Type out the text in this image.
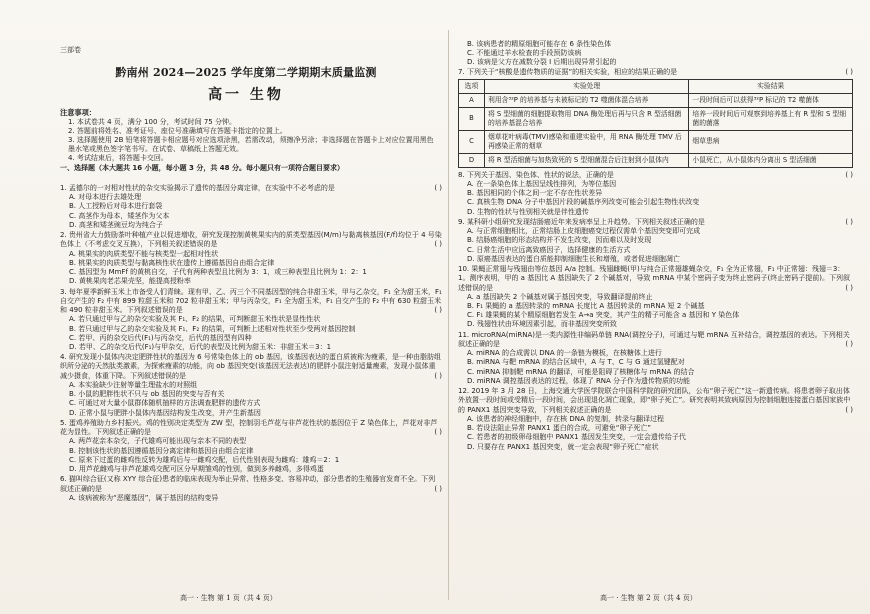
三部卷
黔南州 2024—2025 学年度第二学期期末质量监测
高一 生物
注意事项：
1. 本试卷共 4 页，满分 100 分，考试时间 75 分钟。
2. 答题前将姓名、准考证号、座位号准确填写在答题卡指定的位置上。
3. 选择题使用 2B 铅笔将答题卡相应题号对应选项涂黑，若需改动，须擦净另涂；非选择题在答题卡上对应位置用黑色墨水笔或黑色签字笔书写。在试卷、草稿纸上答题无效。
4. 考试结束后，将答题卡交回。
一、选择题（本大题共 16 小题，每小题 3 分，共 48 分。每小题只有一项符合题目要求）
1. 孟德尔的一对相对性状的杂交实验揭示了遗传的基因分离定律，在实验中不必考虑的是	( )
A. 对母本进行去雄处理
B. 人工授粉后对母本进行套袋
C. 高茎作为母本，矮茎作为父本
D. 高茎和矮茎豌豆均为纯合子
2. 贵州省大力鼓励茶叶种植产业以促进增收，研究发现控制黄桃果实内的质类型基因(M/m)与黏离核基因(F/f)均位于 4 号染色体上（不考虑交叉互换），下列相关叙述错误的是	( )
A. 桃果实的肉质类型不能与核类型一起相对性状
B. 桃果实的肉质类型与黏离核性状在遗传上遵循基因自由组合定律
C. 基因型为 MmFf 的黄桃自交，子代有两种表型且比例为 3：1，或三种表型且比例为 1：2：1
D. 黄桃果肉老芯果壳坚，能提高授粉率
3. 每年夏季新鲜玉米上市备受人们青睐。现有甲、乙、丙三个不同基因型的纯合非甜玉米，甲与乙杂交，F₁ 全为甜玉米，F₁ 自交产生的 F₂ 中有 899 粒甜玉米和 702 粒非甜玉米；甲与丙杂交，F₁ 全为甜玉米，F₁ 自交产生的 F₂ 中有 630 粒甜玉米和 490 粒非甜玉米。下列叙述错误的是	( )
A. 若只通过甲与乙的杂交实验及其 F₁、F₂ 的结果，可判断甜玉米性状是显性性状
B. 若只通过甲与乙的杂交实验及其 F₁、F₂ 的结果，可判断上述相对性状至少受两对基因控制
C. 若甲、丙的杂交后代(F₁)与丙杂交，后代的基因型有四种
D. 若甲、乙的杂交后代(F₁)与甲杂交，后代的表型及比例为甜玉米：非甜玉米＝3：1
4. 研究发现小鼠体内决定肥胖性状的基因为 6 号常染色体上的 ob 基因，该基因表达的蛋白质被称为瘦素，是一种由脂肪组织所分泌的天然肽类激素，为探索瘦素的功能，向 ob 基因突变(该基因无法表达)的肥胖小鼠注射适量瘦素，发现小鼠体重减少摄食，体重下降。下列叙述错误的是	( )
A. 本实验缺少注射等量生理盐水的对照组
B. 小鼠的肥胖性状不只与 ob 基因的突变与否有关
C. 可通过对大量小鼠群体随机抽样的方法调查肥胖的遗传方式
D. 正常小鼠与肥胖小鼠体内基因结构发生改变，并产生新基因
5. 蛋鸡养殖助力乡村振兴。鸡的性别决定类型为 ZW 型，控制羽毛芦花与非芦花性状的基因位于 Z 染色体上，芦花对非芦花为显性。下列叙述正确的是	( )
A. 两芦花亲本杂交，子代雄鸡可能出现与亲本不同的表型
B. 控制该性状的基因遵循基因分离定律和基因自由组合定律
C. 原来下过蛋的雌鸡性反转为雄鸡后与一雌鸡交配，后代性别表现为雌鸡：雄鸡＝2：1
D. 用芦花雌鸡与非芦花雄鸡交配可区分早期雏鸡的性别，做到多养雌鸡，多得鸡蛋
6. 猫叫综合征(又称 XYY 综合征)患者的临床表现为举止异常、性格多变、容易冲动，部分患者的生殖器官发育不全。下列叙述正确的是	( )
A. 该病被称为“恶魔基因”，属于基因的结构变异
B. 该病患者的精原细胞可能存在 6 条性染色体
C. 不能通过羊水检查的手段预防该病
D. 该病是父方在减数分裂 I 后期出现异常引起的
7. 下列关于“核酸是遗传物质的证据”的相关实验，相应的结果正确的是	( )
选项	实验处理	实验结果
A	利用含³²P 的培养基与未被标记的 T2 噬菌体混合培养	一段时间后可以获得³²P 标记的 T2 噬菌体
B	将 S 型细菌的细胞提取物用 DNA 酶处理后再与只含 R 型活细菌的培养基混合培养	培养一段时间后可观察到培养基上有 R 型和 S 型细菌的菌落
C	烟草花叶病毒(TMV)感染和重建实验中，用 RNA 酶处理 TMV 后再感染正常的烟草	烟草患病
D	将 R 型活细菌与加热致死的 S 型细菌混合后注射到小鼠体内	小鼠死亡，从小鼠体内分离出 S 型活细菌
8. 下列关于基因、染色体、性状的说法，正确的是	( )
A. 在一条染色体上基因呈线性排列，为等位基因
B. 基因相同的个体之间一定不存在性状差异
C. 真核生物 DNA 分子中基因片段的碱基序列改变可能会引起生物性状改变
D. 生物的性状与性别相关就是伴性遗传
9. 某科研小组研究发现结肠癌近年来发病率呈上升趋势。下列相关叙述正确的是	( )
A. 与正常细胞相比，正常结肠上皮细胞癌变过程仅需单个基因突变即可完成
B. 结肠癌细胞的形态结构并不发生改变，因而难以及时发现
C. 日常生活中应远离致癌因子，选择健康的生活方式
D. 原癌基因表达的蛋白质能抑制细胞生长和增殖，或者促进细胞凋亡
10. 果蝇正常翅与残翅由等位基因 A/a 控制。残翅雌蝇(甲)与纯合正常翅雄蝇杂交，F₁ 全为正常翅，F₁ 中正常翅：残翅＝3：1。测序表明，甲的 a 基因比 A 基因缺失了 2 个碱基对，导致 mRNA 中某个密码子变为终止密码子(终止密码子提前)。下列叙述错误的是	( )
A. a 基因缺失 2 个碱基对属于基因突变，导致翻译提前终止
B. F₁ 果蝇的 a 基因转录的 mRNA 长度比 A 基因转录的 mRNA 短 2 个碱基
C. F₁ 雄果蝇的某个精原细胞若发生 A→a 突变，其产生的精子可能含 a 基因和 Y 染色体
D. 残翅性状由环境因素引起，而非基因突变所致
11. microRNA(miRNA)是一类内源性非编码单链 RNA(调控分子)，可通过与靶 mRNA 互补结合，调控基因的表达。下列相关叙述正确的是	( )
A. miRNA 的合成需以 DNA 的一条链为模板，在核糖体上进行
B. miRNA 与靶 mRNA 的结合区域中，A 与 T、C 与 G 通过氢键配对
C. miRNA 抑制靶 mRNA 的翻译，可能是阻碍了核糖体与 mRNA 的结合
D. miRNA 调控基因表达的过程，体现了 RNA 分子作为遗传物质的功能
12. 2019 年 3 月 28 日，上海交通大学医学院联合中国科学院的研究团队，公布“卵子死亡”这一新遗传病。将患者卵子取出体外放置一段时间或受精后一段时间，会出现退化凋亡现象，即“卵子死亡”。研究表明其致病原因为控制细胞连接蛋白基因家族中的 PANX1 基因突变导致，下列相关叙述正确的是	( )
A. 该患者的神经细胞中，存在核 DNA 的复制，转录与翻译过程
B. 若设法阻止异常 PANX1 蛋白的合成，可避免“卵子死亡”
C. 若患者的初级卵母细胞中 PANX1 基因发生突变，一定会遗传给子代
D. 只要存在 PANX1 基因突变，就一定会表现“卵子死亡”症状
高一 · 生物 第 1 页（共 4 页）	高一 · 生物 第 2 页（共 4 页）
